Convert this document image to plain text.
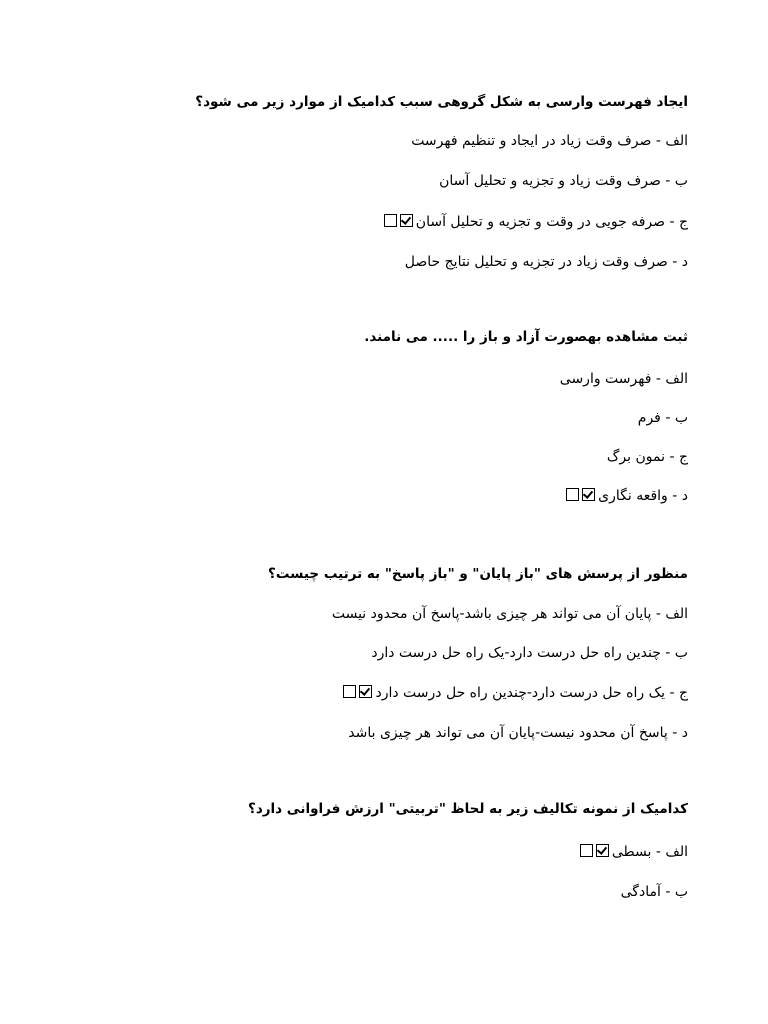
ایجاد فهرست وارسی به شکل گروهی سبب کدامیک از موارد زیر می شود؟
الف - صرف وقت زیاد در ایجاد و تنظیم فهرست
ب - صرف وقت زیاد و تجزیه و تحلیل آسان
ج - صرفه جویی در وقت و تجزیه و تحلیل آسان
د - صرف وقت زیاد در تجزیه و تحلیل نتایج حاصل
ثبت مشاهده بهصورت آزاد و باز را ..... می نامند.
الف - فهرست وارسی
ب - فرم
ج - نمون برگ
د - واقعه نگاری
منظور از پرسش های "باز پایان" و "باز پاسخ" به ترتیب چیست؟
الف - پایان آن می تواند هر چیزی باشد-پاسخ آن محدود نیست
ب - چندین راه حل درست دارد-یک راه حل درست دارد
ج - یک راه حل درست دارد-چندین راه حل درست دارد
د - پاسخ آن محدود نیست-پایان آن می تواند هر چیزی باشد
کدامیک از نمونه تکالیف زیر به لحاظ "تربیتی" ارزش فراوانی دارد؟
الف - بسطی
ب - آمادگی
